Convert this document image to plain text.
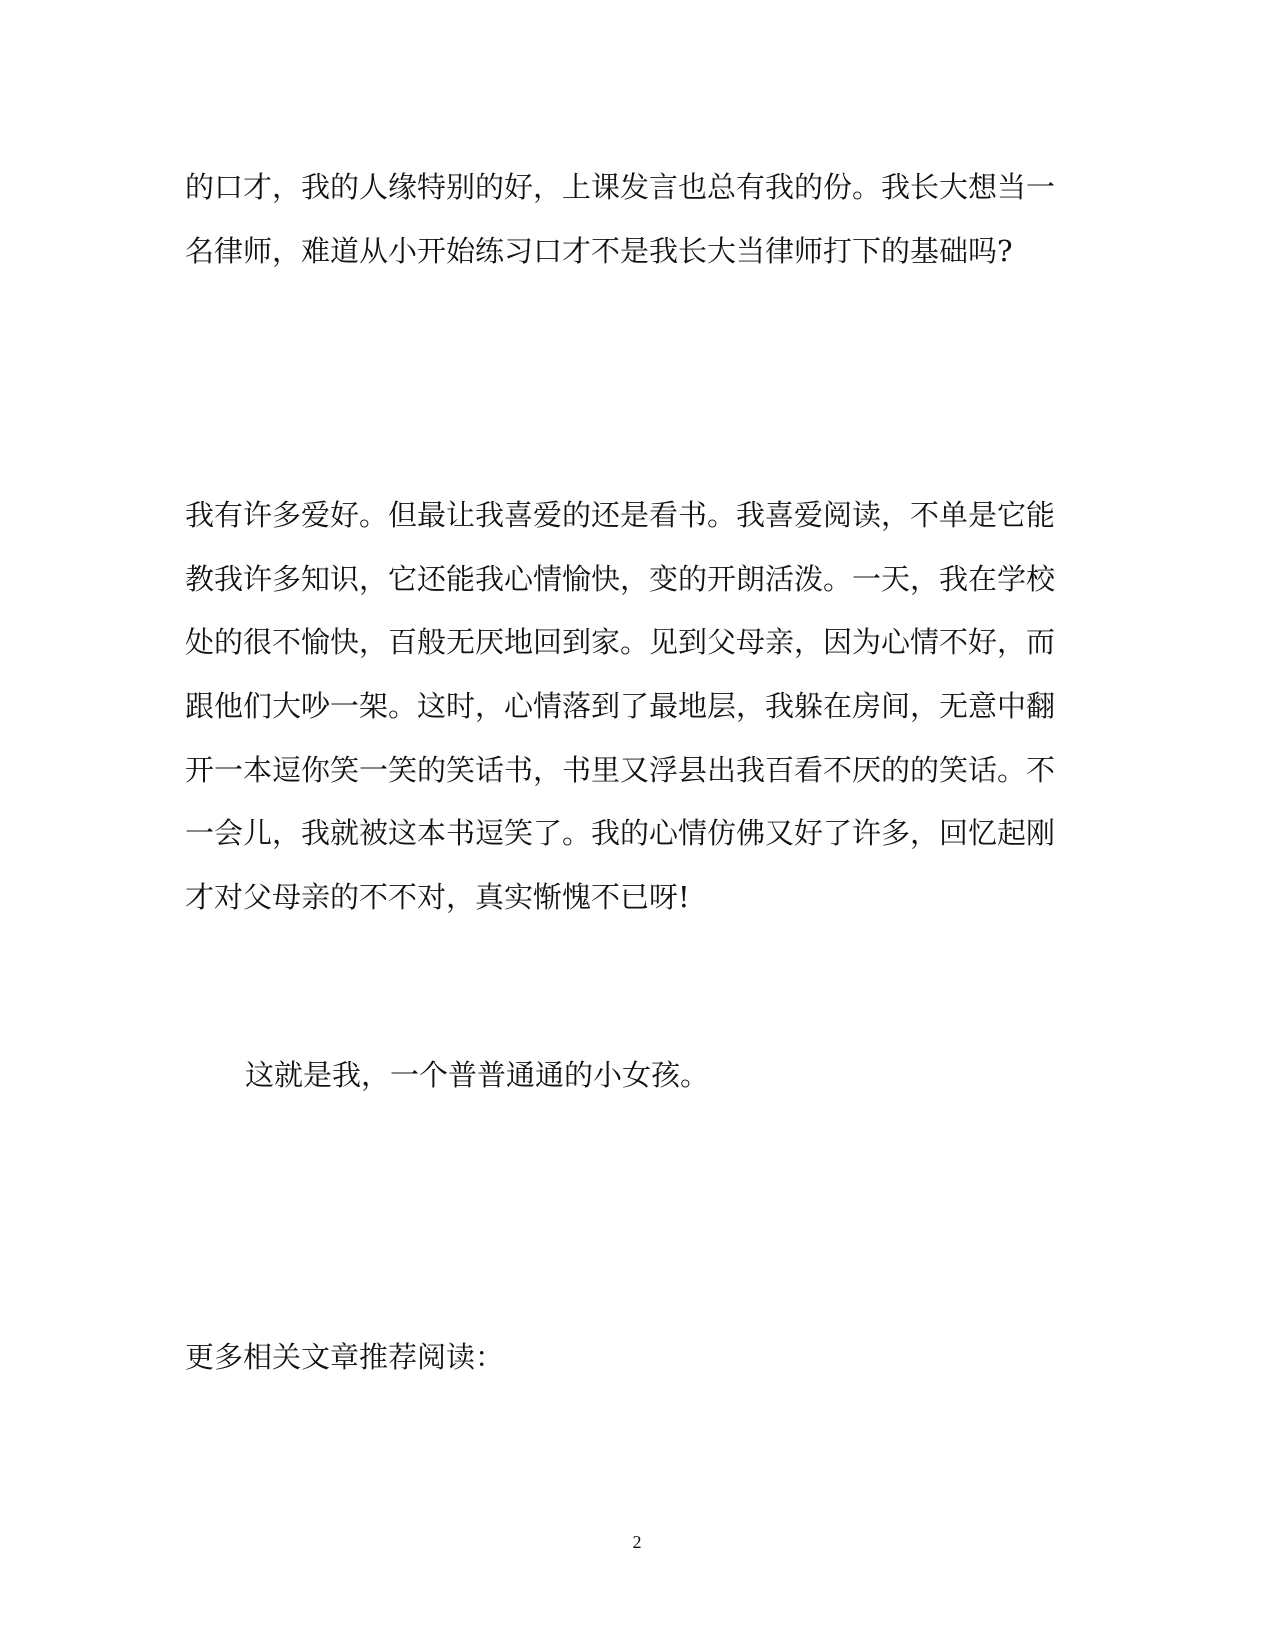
的口才，我的人缘特别的好，上课发言也总有我的份。我长大想当一
名律师，难道从小开始练习口才不是我长大当律师打下的基础吗?

我有许多爱好。但最让我喜爱的还是看书。我喜爱阅读，不单是它能
教我许多知识，它还能我心情愉快，变的开朗活泼。一天，我在学校
处的很不愉快，百般无厌地回到家。见到父母亲，因为心情不好，而
跟他们大吵一架。这时，心情落到了最地层，我躲在房间，无意中翻
开一本逗你笑一笑的笑话书，书里又浮县出我百看不厌的的笑话。不
一会儿，我就被这本书逗笑了。我的心情仿佛又好了许多，回忆起刚
才对父母亲的不不对，真实惭愧不已呀!

这就是我，一个普普通通的小女孩。

更多相关文章推荐阅读：

2
